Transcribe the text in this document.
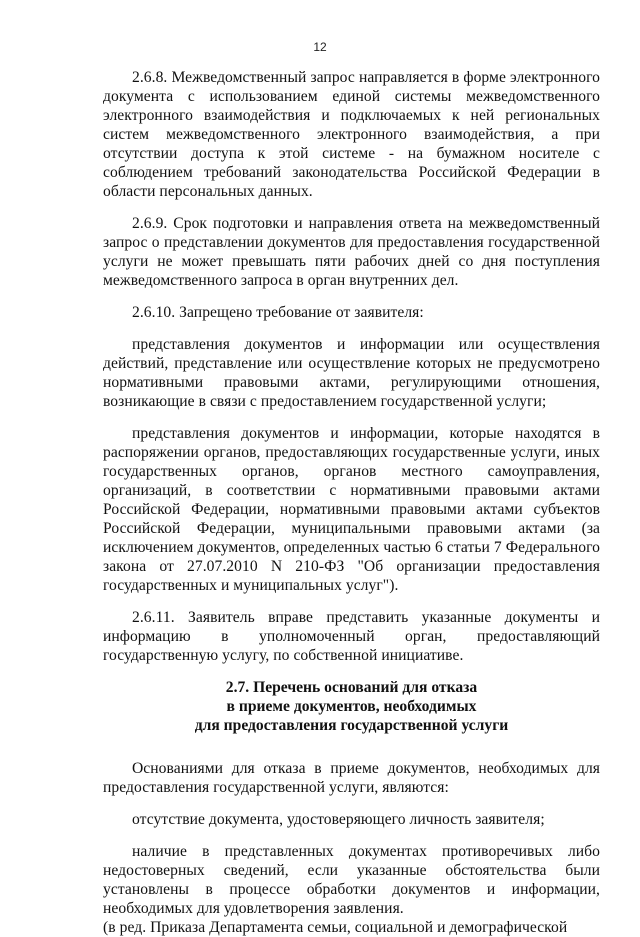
12

2.6.8. Межведомственный запрос направляется в форме электронного документа с использованием единой системы межведомственного электронного взаимодействия и подключаемых к ней региональных систем межведомственного электронного взаимодействия, а при отсутствии доступа к этой системе - на бумажном носителе с соблюдением требований законодательства Российской Федерации в области персональных данных.

2.6.9. Срок подготовки и направления ответа на межведомственный запрос о представлении документов для предоставления государственной услуги не может превышать пяти рабочих дней со дня поступления межведомственного запроса в орган внутренних дел.

2.6.10. Запрещено требование от заявителя:

представления документов и информации или осуществления действий, представление или осуществление которых не предусмотрено нормативными правовыми актами, регулирующими отношения, возникающие в связи с предоставлением государственной услуги;

представления документов и информации, которые находятся в распоряжении органов, предоставляющих государственные услуги, иных государственных органов, органов местного самоуправления, организаций, в соответствии с нормативными правовыми актами Российской Федерации, нормативными правовыми актами субъектов Российской Федерации, муниципальными правовыми актами (за исключением документов, определенных частью 6 статьи 7 Федерального закона от 27.07.2010 N 210-ФЗ "Об организации предоставления государственных и муниципальных услуг").

2.6.11. Заявитель вправе представить указанные документы и информацию в уполномоченный орган, предоставляющий государственную услугу, по собственной инициативе.

2.7. Перечень оснований для отказа
в приеме документов, необходимых
для предоставления государственной услуги

Основаниями для отказа в приеме документов, необходимых для предоставления государственной услуги, являются:

отсутствие документа, удостоверяющего личность заявителя;

наличие в представленных документах противоречивых либо недостоверных сведений, если указанные обстоятельства были установлены в процессе обработки документов и информации, необходимых для удовлетворения заявления.

(в ред. Приказа Департамента семьи, социальной и демографической
